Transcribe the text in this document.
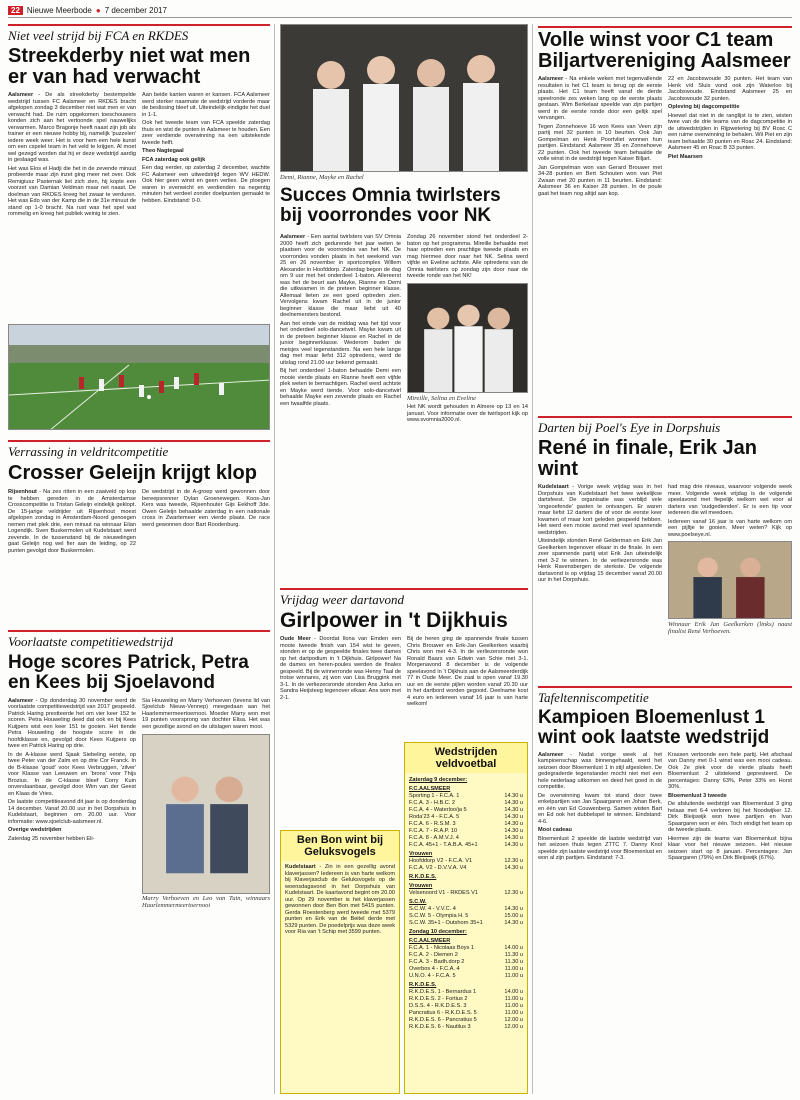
22 Nieuwe Meerbode ● 7 december 2017
Niet veel strijd bij FCA en RKDES
Streekderby niet wat men er van had verwacht

Aalsmeer - De als streekderby bestempelde wedstrijd tussen FC Aalsmeer en RKDES bracht afgelopen zondag 3 december niet wat men er van verwacht had. De ruim opgekomen toeschouwers konden zich aan het vertoonde spel nauwelijks verwarmen. Marco Bragonje heeft naast zijn job als trainer er een nieuwe hobby bij, namelijk 'puzzelen' iedere week weer. Het is voor hem een hele kunst om een cspelel team in het veld te krijgen. Al moet wel gezegd worden dat hij er deze wedstrijd aardig in geslaagd was.

Het was Elos el Hadji die het in de zevende minuut probeerde maar zijn inzet ging meer net over. Ook Remigiusz Pasternak liet zich zien, hij kopte een voorzet van Damian Veldman maar net naast. De doelman van RKDES kreeg het zwaar te verduren. Het was Edo van der Kamp die in de 31e minuut de stand op 1-0 bracht. Na rust was het spel wat rommelig en kreeg het publiek weinig te zien.

Aan beide kanten waren er kansen. FCA Aalsmeer werd sterker naarmate de wedstrijd vorderde maar de beslissing bleef uit. Uiteindelijk eindigde het duel in 1-1.

Ook het tweede team van FCA speelde zaterdag thuis en wist de punten in Aalsmeer te houden. Een zeer verdiende overwinning na een uitstekende tweede helft.

Theo Nagtegaal

FCA zaterdag ook gelijk

Een dag eerder, op zaterdag 2 december, wachtte FC Aalsmeer een uitwedstrijd tegen WV HEDW. Ook hier geen winst en geen verlies. De ploegen waren in evenwicht en verdienden na negentig minuten het verdeel zonder doelpunten gemaakt te hebben. Eindstand: 0-0.

Verrassing in veldritcompetitie
Crosser Geleijn krijgt klop

Rijsenhout - Na zes ritten in een zaaiveld op kop te hebben gereden in de Amsterdamse Crosscompetitie is Tristan Geleijn eindelijk geklopt. De 15-jarige veldrijder uit Rijsenhout moest afgelopen zondag in Amsterdam-Noord genoegen nemen met plek drie, een minuut na winnaar Eilan Logendijk. Sven Buskermolen uit Kudelstaart werd zevende. In de tussenstand bij de nieuwelingen gaat Geleijn nog wel fier aan de leiding, op 22 punten gevolgd door Buskermolen.

De wedstrijd in de A-groep werd gewonnen door bereepsrenner Dylan Groenewegen. Koos-Jan Kers was tweede, Rijsenhouter Gijs Eekhoff 3de. Owen Geleijn behaalde zaterdag in een nationale cross in Zwartemeer een vierde plaats. De race werd gewonnen door Bart Roodenburg.

Voorlaatste competitiewedstrijd
Hoge scores Patrick, Petra en Kees bij Sjoelavond

Aalsmeer - Op donderdag 30 november werd de voorlaatste competitiewedstrijd van 2017 gespeeld. Patrick Haring prestteerde het om vier keer 152 te scoren. Petra Houweling deed dat ook en bij Kees Kuijpers wist een keer 151 te gooien. Het tiende Petra Houweling de hoogste score in de hoofdklasse en, gevolgd door Kees Kuijpers op twee en Patrick Haring op drie.

In de A-klasse werd Sjaak Siebeling eerste, op twee Peter van der Zalm en op drie Cor Franck. In de B-klasse 'goud' voor Kees Verbruggen, 'zilver' voor Klasse van Leeuwen en 'brons' voor Thijs Brozius. In de C-klasse bleef Corry Kuin onverslaanbaar, gevolgd door Wim van der Geest en Klaas de Vries.

De laatste competitieavond dit jaar is op donderdag 14 december. Vanaf 20.00 uur in het Dorpshuis in Kudelstaart, beginnen om 20.00 uur. Voor informatie: www.sjoelclub-aalsmeer.nl.

Overige wedstrijden

Zaterdag 25 november hebben Eli-

Sia Houweling en Marry Verhoeven (tevens lid van Sjoelclub Nieuw-Vennep) meegedaan aan het Haarlemmermeertoernooi. Moeder Marry won met 19 punten voorsprong van dochter Elisa. Het was een gezellige avond en de uitslagen waren mooi.

Marry Verhoeven en Leo van Tuin, winnaars Haarlemmermeertoernooi

Demi, Rianne, Mayke en Rachel
Succes Omnia twirlsters bij voorrondes voor NK

Aalsmeer - Een aantal twirlsters van SV Omnia 2000 heeft zich gedurende het jaar weten te plaatsen voor de voorrondes van het NK. De voorrondes vonden plaats in het weekend van 25 en 26 november in sportcomplex Willem Alexander in Hoofddorp. Zaterdag begon de dag om 9 uur met het onderdeel 1-baton. Allereerst was het de beurt aan Mayke, Rianne en Demi die uitkwamen in de preteen beginner klasse. Allemaal lieten ze een goed optreden zien. Vervolgens kwam Rachel uit in de junior beginner klasse die maar liefst uit 40 deelnemersters bestond.

Aan het einde van de middag was het tijd voor het onderdeel solo-dancetwirl. Mayke kwam uit in de preteen beginner klasse en Rachel in de junior beginnerklasse. Wederom baden de meisjes veel tegenstanders. Na een hele lange dag met maar liefst 312 optredens, werd de uitslag rond 21.00 uur bekend gemaakt.

Bij het onderdeel 1-baton behaalde Demi een mooie vierde plaats en Rianne heeft een vijfde plek weten te bemachtigen. Rachel werd achtste en Mayke werd tiende. Voor solo-dancetwirl behaalde Mayke een zevende plaats en Rachel een twaalfde plaats.

Zondag 26 november stond het onderdeel 2-baton op het programma. Mireille behaalde met haar optreden een prachtige tweede plaats en mag hiermee door naar het NK. Selina werd vijfde en Eveline achtste. Alle optredens van de Omnia twirlsters op zondag zijn door naar de tweede ronde van het NK!

Mireille, Selina en Eveline

Het NK wordt gehouden in Almere op 13 en 14 januari. Voor informatie over de twirlsport kijk op www.svomnia2000.nl.

Vrijdag weer dartavond
Girlpower in 't Dijkhuis

Oude Meer - Doordat Ilona van Emden een mooie tweede finish van 154 wist te geven, stonden er op de gespeelde finales twee dames op het dartpodium in 't Dijkhuis. Girlpower! Na de dames en heren-poules werden de finales gespeeld. Bij de winnerronde was Henny Taal de trotse winnares, zij won van Lisa Bruggink met 3-1. In de verliezersronde stonden Ans Jurka en Sandra Heijsteeg tegenover elkaar. Ans won met 2-1.

Bij de heren ging de spannende finale tussen Chris Brouwer en Erik-Jan Geelkerken waarbij Chris won met 4-3. In de verliezersronde won Ronald Baars van Edwin van Schie met 3-1. Morgenavond 8 december is de volgende speelavond in 't Dijkhuis aan de Aalsmeerderdijk 77 in Oude Meer. De zaal is open vanaf 19.30 uur en de eerste pijlen worden vanaf 20.30 uur in het dartbord worden gegooid. Deelname kost 4 euro en iedereen vanaf 16 jaar is van harte welkom!

Ben Bon wint bij Geluksvogels

Kudelstaart - Zin in een gezellig avond klaverjassen? Iedereen is van harte welkom bij Klaverjasclub de Geluksvogels op de woensdagavond in het Dorpshuis van Kudelstaart. De kaartavond begint om 20.00 uur. Op 29 november is het klaverjassen gewonnen door Ben Bon met 5415 punten. Gerda Roestenberg werd tweede met 5379 punten en Erik van de Beitel derde met 5329 punten. De poedelprijs was deze week voor Ria van 't Schip met 3599 punten.

Wedstrijden veldvoetbal
Zaterdag 9 december:
F.C.AALSMEER
Sporting 1 - F.C.A. 1	14.30 u
F.C.A. 3 - H.B.C. 2	14.30 u
F.C.A. 4 - Waterloo/ja 5	14.30 u
Roda'23 4 - F.C.A. 5	14.30 u
F.C.A. 6 - R.S.M. 3	14.30 u
F.C.A. 7 - R.A.P. 10	14.30 u
F.C.A. 8 - A.M.V.J. 4	14.30 u
F.C.A. 45+1 - T.A.B.A. 45+1	14.30 u
Vrouwen
Hoofddorp V2 - F.C.A. V1	12.30 u
F.C.A. V2 - D.V.V.A. V4	14.30 u
R.K.D.E.S.
Vrouwen
Velsenoord V1 - RKDES V1	12.30 u
S.C.W.
S.C.W. 4 - V.V.C. 4	14.30 u
S.C.W. 5 - Olympia H. 5	15.00 u
S.C.W. 35+1 - Outshorn 35+1	14.30 u
Zondag 10 december:
F.C.AALSMEER
F.C.A. 1 - Nicolaas Boys 1	14.00 u
F.C.A. 2 - Diemen 2	11.30 u
F.C.A. 3 - Badh.dorp 2	11.30 u
Overbos 4 - F.C.A. 4	11.00 u
U.N.O. 4 - F.C.A. 5	11.00 u
R.K.D.E.S.
R.K.D.E.S. 1 - Bernardus 1	14.00 u
R.K.D.E.S. 2 - Fortius 2	11.00 u
D.S.S. 4 - R.K.D.E.S. 3	11.00 u
Pancratius 6 - R.K.D.E.S. 5	11.00 u
R.K.D.E.S. 6 - Pancratius 5	12.00 u
R.K.D.E.S. 6 - Nautilus 3	12.00 u
Volle winst voor C1 team Biljartvereniging Aalsmeer

Aalsmeer - Na enkele weken met tegenvallende resultaten is het C1 team is terug op de eerste plaats. Het C1 team heeft vanaf de derde speelronde zes weken lang op de eerste plaats gestaan. Wim Berkelaar speelde van zijn partijen werd in de eerste ronde door een gelijk spel vervangen.

Tegen Zonnehoeve 16 won Kees van Veen zijn partij met 32 punten in 10 beurten. Ook Jan Gompelman en Henk Poortvliet wonnen hun partijen. Eindstand: Aalsmeer 35 en Zonnehoeve 22 punten. Ook het tweede team behaalde de volle winst in de wedstrijd tegen Kaiser Biljart.

Jan Gompelman won van Gerard Brouwer met 34-28 punten en Bert Schouten won van Piet Zwaan met 20 punten in 11 beurten. Eindstand: Aalsmeer 36 en Kaiser 28 punten. In de poule gaat het team nog altijd aan kop.

22 en Jacobswoude 30 punten. Het team van Henk v/d Sluis vond ook zijn Waterloo bij Jacobswoude. Eindstand Aalsmeer 25 en Jacobswoude 32 punten.

Opleving bij dagcompetitie

Hoewel dat niet in de ranglijst is te zien, wisten twee van de drie teams van de dagcompetitie in de uitwedstrijden in Rijpwetering bij BV Rosc C een ruime overwinning te behalen. Wil Piet en zijn team behaalde 30 punten en Roac 24. Eindstand: Aalsmeer 45 en Roac B 33 punten.

Piet Maarsen

Darten bij Poel's Eye in Dorpshuis
René in finale, Erik Jan wint

Kudelstaart - Vorige week vrijdag was in het Dorpshuis van Kudelstaart het twee wekelijkse dartsfeest. De organisatie was verblijd vele 'ongeoefende' gasten te ontvangen. Er waren maar liefst 12 darters die of voor de eerste keer kwamen of maar kort geleden gespeeld hebben. Het werd een mooie avond met veel spannende wedstrijden.

Uiteindelijk stonden René Gelderman en Erik Jan Geelkerken tegenover elkaar in de finale. In een zeer spannende partij wist Erik Jan uiteindelijk met 3-2 te winnen. In de verliezersronde was Henk Ravensbergen de sterkste. De volgende dartavond is op vrijdag 15 december vanaf 20.00 uur in het Dorpshuis.

had mag drie niveaus, waarvoor volgende week meer. Volgende week vrijdag is de volgende speelavond met fiepelijk welkom wel voor al darters van 'oudgedienden'. Er is een tip voor iedereen die wil meedoen.

Iedereen vanaf 16 jaar is van harte welkom om een pijltje te gooien. Meer weten? Kijk op www.poelseye.nl.

Winnaar Erik Jan Geelkerken (links) naast finalist René Verhoeven.

Tafeltenniscompetitie
Kampioen Bloemenlust 1 wint ook laatste wedstrijd

Aalsmeer - Nadat vorige week al het kampioenschap was binnengehaald, werd het seizoen door Bloemenlust 1 in stijl afgesloten. De gedegraderde tegenstander mocht niet met een hele nederlaag uitkomen en deed het goed in de competitie.

De overwinning kwam tot stand door twee enkelpartijen van Jan Spaargaren en Johan Berk, en één van Ed Couwenberg. Samen wisten Bart en Ed ook het dubbelspel te winnen. Eindstand: 4-6.

Mooi cadeau

Bloemenlust 2 speelde de laatste wedstrijd van het seizoen thuis tegen ZTTC 7. Danny Knol speelde zijn laatste wedstrijd voor Bloemenlust en won al zijn partijen. Eindstand: 7-3.

Krassen vertoonde een hele partij. Het afschaal van Danny met 0-1 winst was een mooi cadeau. Ook 2e plek voor de vierde plaats heeft Bloemenlust 2 uitstekend gepresteerd. De percentages: Danny 63%, Peter 33% en Horst 30%.

Bloemenlust 3 tweede

De afsluitende wedstrijd van Bloemenlust 3 ging helaas met 6-4 verloren bij het Noodwijker 12. Dirk Bleijswijk won twee partijen en Ivan Spaargaren won er één. Toch eindigt het team op de tweede plaats.

Hiermee zijn de teams van Bloemenlust bijna klaar voor het nieuwe seizoen. Het nieuwe seizoen start op 8 januari. Percentages: Jan Spaargaren (79%) en Dirk Bleijswijk (67%).
